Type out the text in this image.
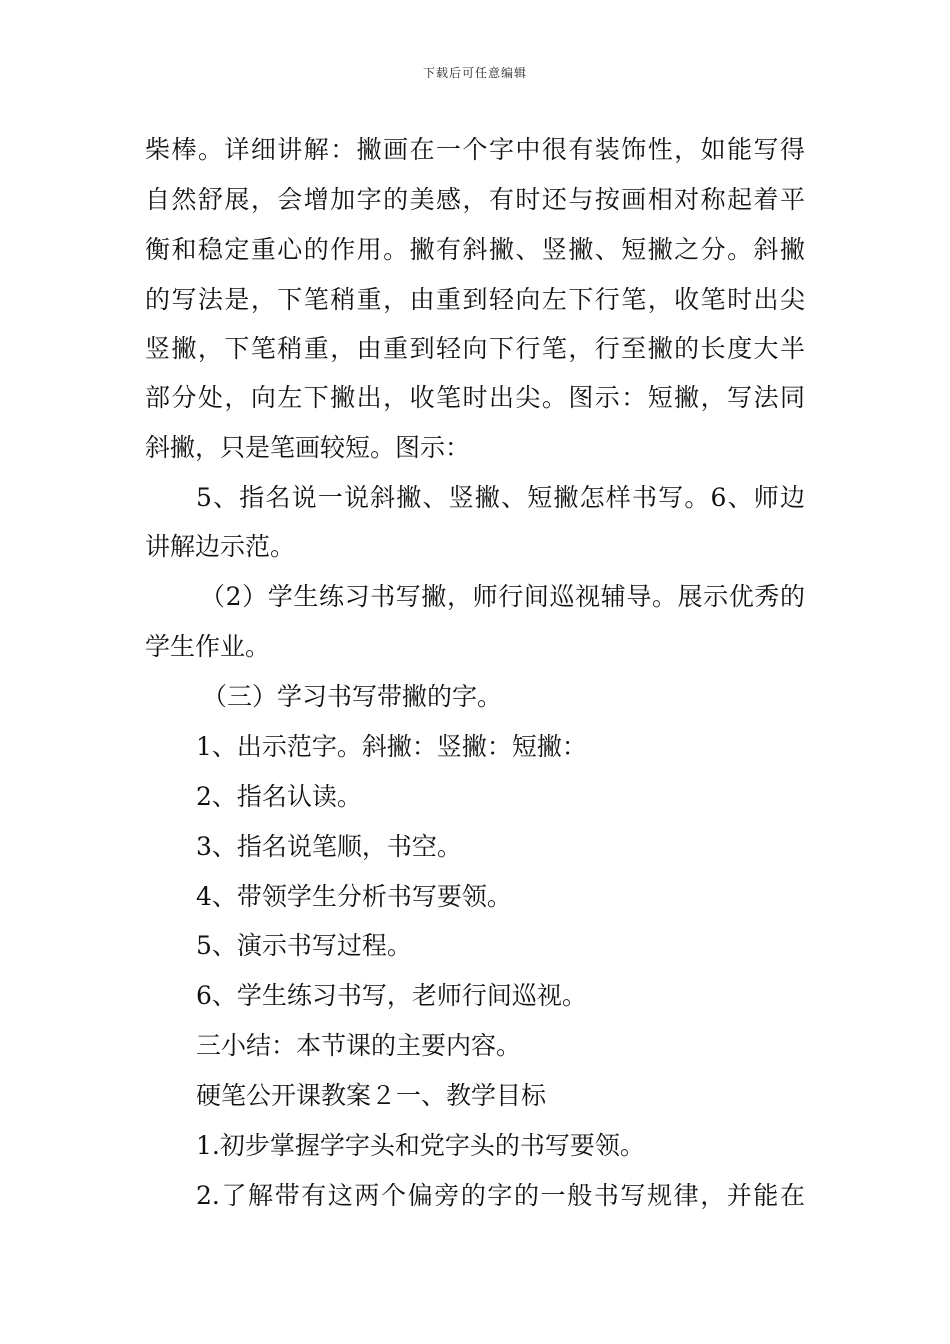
下载后可任意编辑
柴棒。详细讲解：撇画在一个字中很有装饰性，如能写得
自然舒展，会增加字的美感，有时还与按画相对称起着平
衡和稳定重心的作用。撇有斜撇、竖撇、短撇之分。斜撇
的写法是，下笔稍重，由重到轻向左下行笔，收笔时出尖
竖撇，下笔稍重，由重到轻向下行笔，行至撇的长度大半
部分处，向左下撇出，收笔时出尖。图示：短撇，写法同
斜撇，只是笔画较短。图示：
5、指名说一说斜撇、竖撇、短撇怎样书写。6、师边
讲解边示范。
（2）学生练习书写撇，师行间巡视辅导。展示优秀的
学生作业。
（三）学习书写带撇的字。
1、出示范字。斜撇：竖撇：短撇：
2、指名认读。
3、指名说笔顺，书空。
4、带领学生分析书写要领。
5、演示书写过程。
6、学生练习书写，老师行间巡视。
三小结：本节课的主要内容。
硬笔公开课教案２一、教学目标
1.初步掌握学字头和党字头的书写要领。
2.了解带有这两个偏旁的字的一般书写规律，并能在
